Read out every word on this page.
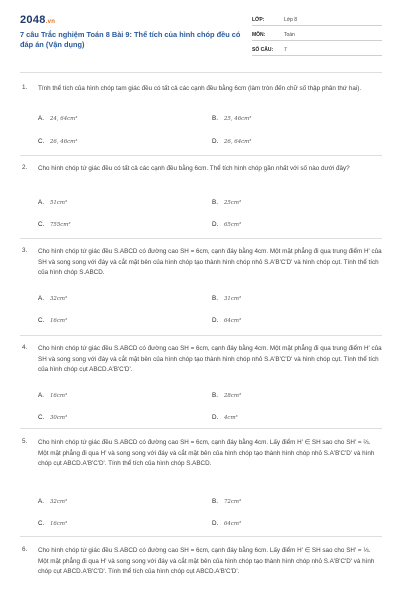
2048.vn
7 câu Trắc nghiệm Toán 8 Bài 9: Thể tích của hình chóp đều có đáp án (Vận dụng)
LỚP:	Lớp 8
MÔN:	Toán
SỐ CÂU: 7
1. Tính thể tích của hình chóp tam giác đều có tất cả các cạnh đều bằng 6cm (làm tròn đến chữ số thập phân thứ hai).
A. 24, 64cm³	B. 25, 46cm³
C. 26, 46cm³	D. 26, 64cm³
2. Cho hình chóp tứ giác đều có tất cả các cạnh đều bằng 6cm. Thể tích hình chóp gần nhất với số nào dưới đây?
A. 51cm³	B. 25cm³
C. 755cm³	D. 65cm³
3. Cho hình chóp tứ giác đều S.ABCD có đường cao SH = 6cm, cạnh đáy bằng 4cm. Một mặt phẳng đi qua trung điểm H' của SH và song song với đáy và cắt mặt bên của hình chóp tạo thành hình chóp nhỏ S.A'B'C'D' và hình chóp cụt. Tính thể tích của hình chóp S.ABCD.
A. 32cm³	B. 31cm³
C. 16cm³	D. 64cm³
4. Cho hình chóp tứ giác đều S.ABCD có đường cao SH = 6cm, cạnh đáy bằng 4cm. Một mặt phẳng đi qua trung điểm H' của SH và song song với đáy và cắt mặt bên của hình chóp tạo thành hình chóp nhỏ S.A'B'C'D' và hình chóp cụt. Tính thể tích của hình chóp cụt ABCD.A'B'C'D'.
A. 16cm³	B. 28cm³
C. 30cm³	D. 4cm³
5. Cho hình chóp tứ giác đều S.ABCD có đường cao SH = 6cm, cạnh đáy bằng 4cm. Lấy điểm H' ∈ SH sao cho SH' = ⅔. Một mặt phẳng đi qua H' và song song với đáy và cắt mặt bên của hình chóp tạo thành hình chóp nhỏ S.A'B'C'D' và hình chóp cụt ABCD.A'B'C'D'. Tính thể tích của hình chóp S.ABCD.
A. 32cm³	B. 72cm³
C. 16cm³	D. 64cm³
6. Cho hình chóp tứ giác đều S.ABCD có đường cao SH = 6cm, cạnh đáy bằng 6cm. Lấy điểm H' ∈ SH sao cho SH' = ⅓. Một mặt phẳng đi qua H' và song song với đáy và cắt mặt bên của hình chóp tạo thành hình chóp nhỏ S.A'B'C'D' và hình chóp cụt ABCD.A'B'C'D'. Tính thể tích của hình chóp cụt ABCD.A'B'C'D'.
